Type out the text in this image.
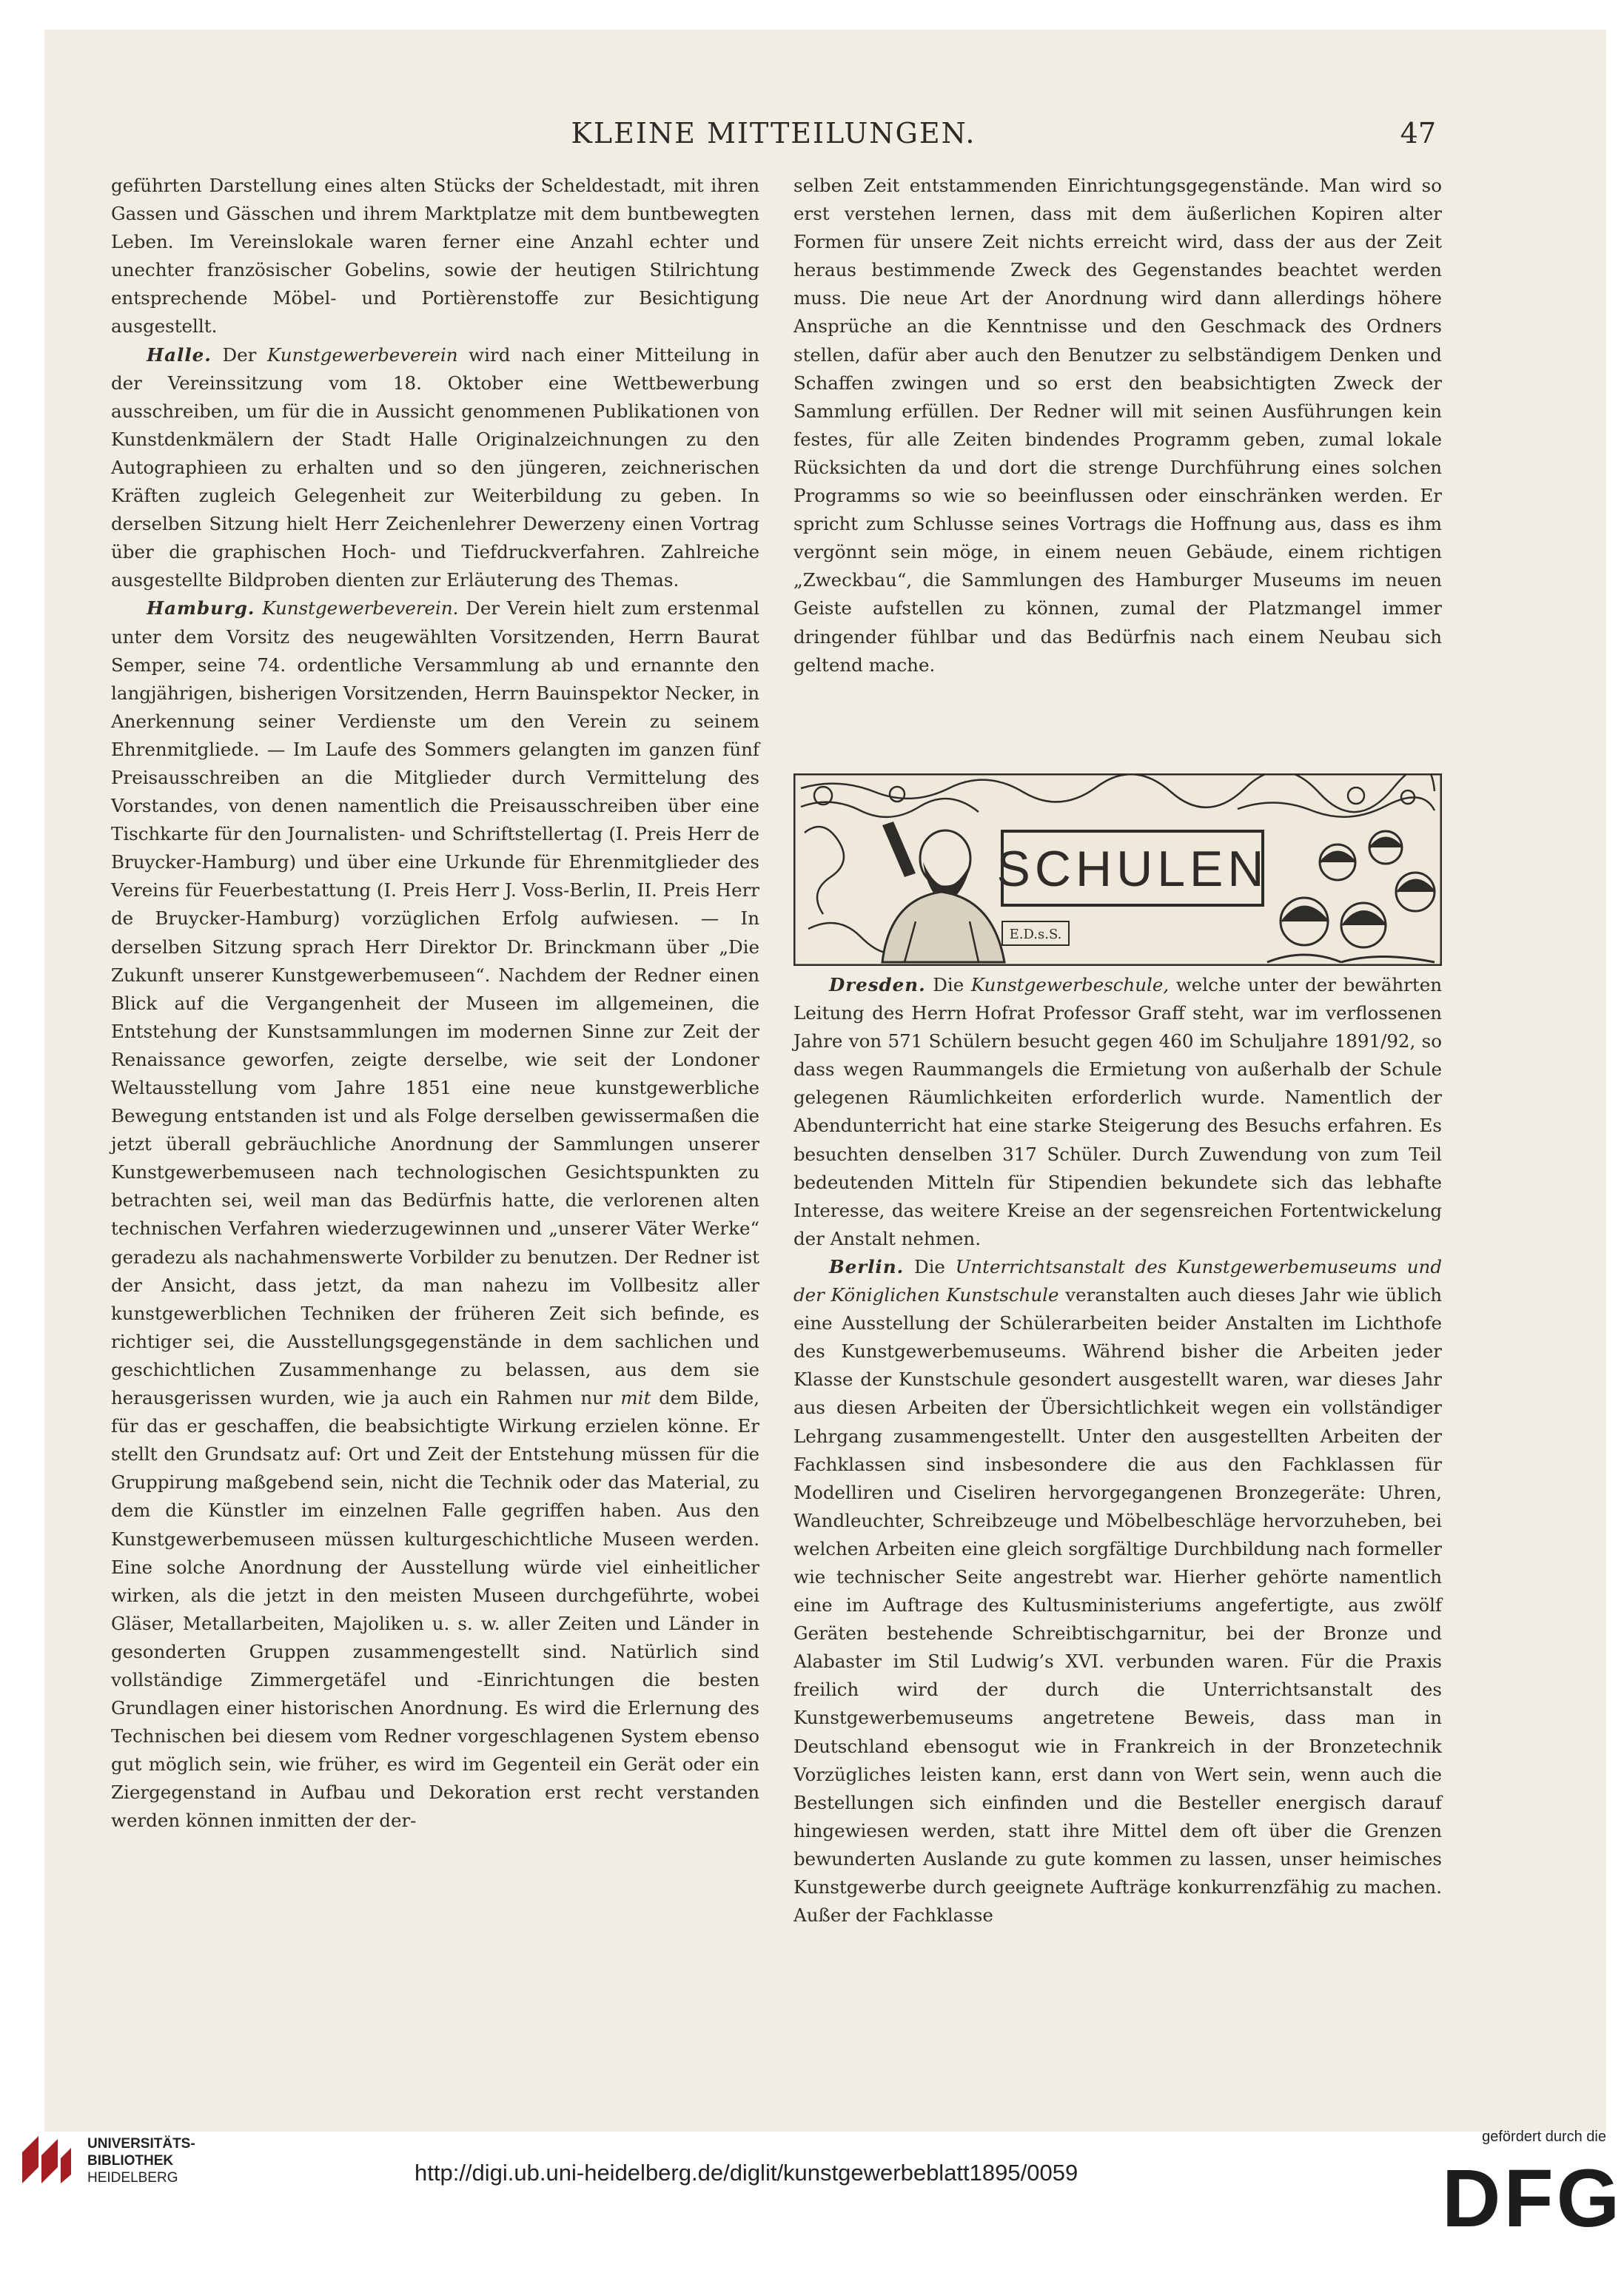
KLEINE MITTEILUNGEN.	47

geführten Darstellung eines alten Stücks der Scheldestadt, mit ihren Gassen und Gässchen und ihrem Marktplatze mit dem buntbewegten Leben. Im Vereinslokale waren ferner eine Anzahl echter und unechter französischer Gobelins, sowie der heutigen Stilrichtung entsprechende Möbel- und Portièrenstoffe zur Besichtigung ausgestellt.

Halle. Der Kunstgewerbeverein wird nach einer Mitteilung in der Vereinssitzung vom 18. Oktober eine Wettbewerbung ausschreiben, um für die in Aussicht genommenen Publikationen von Kunstdenkmälern der Stadt Halle Originalzeichnungen zu den Autographieen zu erhalten und so den jüngeren, zeichnerischen Kräften zugleich Gelegenheit zur Weiterbildung zu geben. In derselben Sitzung hielt Herr Zeichenlehrer Dewerzeny einen Vortrag über die graphischen Hoch- und Tiefdruckverfahren. Zahlreiche ausgestellte Bildproben dienten zur Erläuterung des Themas.

Hamburg. Kunstgewerbeverein. Der Verein hielt zum erstenmal unter dem Vorsitz des neugewählten Vorsitzenden, Herrn Baurat Semper, seine 74. ordentliche Versammlung ab und ernannte den langjährigen, bisherigen Vorsitzenden, Herrn Bauinspektor Necker, in Anerkennung seiner Verdienste um den Verein zu seinem Ehrenmitgliede. — Im Laufe des Sommers gelangten im ganzen fünf Preisausschreiben an die Mitglieder durch Vermittelung des Vorstandes, von denen namentlich die Preisausschreiben über eine Tischkarte für den Journalisten- und Schriftstellertag (I. Preis Herr de Bruycker-Hamburg) und über eine Urkunde für Ehrenmitglieder des Vereins für Feuerbestattung (I. Preis Herr J. Voss-Berlin, II. Preis Herr de Bruycker-Hamburg) vorzüglichen Erfolg aufwiesen. — In derselben Sitzung sprach Herr Direktor Dr. Brinckmann über „Die Zukunft unserer Kunstgewerbemuseen“. Nachdem der Redner einen Blick auf die Vergangenheit der Museen im allgemeinen, die Entstehung der Kunstsammlungen im modernen Sinne zur Zeit der Renaissance geworfen, zeigte derselbe, wie seit der Londoner Weltausstellung vom Jahre 1851 eine neue kunstgewerbliche Bewegung entstanden ist und als Folge derselben gewissermaßen die jetzt überall gebräuchliche Anordnung der Sammlungen unserer Kunstgewerbemuseen nach technologischen Gesichtspunkten zu betrachten sei, weil man das Bedürfnis hatte, die verlorenen alten technischen Verfahren wiederzugewinnen und „unserer Väter Werke“ geradezu als nachahmenswerte Vorbilder zu benutzen. Der Redner ist der Ansicht, dass jetzt, da man nahezu im Vollbesitz aller kunstgewerblichen Techniken der früheren Zeit sich befinde, es richtiger sei, die Ausstellungsgegenstände in dem sachlichen und geschichtlichen Zusammenhange zu belassen, aus dem sie herausgerissen wurden, wie ja auch ein Rahmen nur mit dem Bilde, für das er geschaffen, die beabsichtigte Wirkung erzielen könne. Er stellt den Grundsatz auf: Ort und Zeit der Entstehung müssen für die Gruppirung maßgebend sein, nicht die Technik oder das Material, zu dem die Künstler im einzelnen Falle gegriffen haben. Aus den Kunstgewerbemuseen müssen kulturgeschichtliche Museen werden. Eine solche Anordnung der Ausstellung würde viel einheitlicher wirken, als die jetzt in den meisten Museen durchgeführte, wobei Gläser, Metallarbeiten, Majoliken u. s. w. aller Zeiten und Länder in gesonderten Gruppen zusammengestellt sind. Natürlich sind vollständige Zimmergetäfel und -Einrichtungen die besten Grundlagen einer historischen Anordnung. Es wird die Erlernung des Technischen bei diesem vom Redner vorgeschlagenen System ebenso gut möglich sein, wie früher, es wird im Gegenteil ein Gerät oder ein Ziergegenstand in Aufbau und Dekoration erst recht verstanden werden können inmitten der der-

selben Zeit entstammenden Einrichtungsgegenstände. Man wird so erst verstehen lernen, dass mit dem äußerlichen Kopiren alter Formen für unsere Zeit nichts erreicht wird, dass der aus der Zeit heraus bestimmende Zweck des Gegenstandes beachtet werden muss. Die neue Art der Anordnung wird dann allerdings höhere Ansprüche an die Kenntnisse und den Geschmack des Ordners stellen, dafür aber auch den Benutzer zu selbständigem Denken und Schaffen zwingen und so erst den beabsichtigten Zweck der Sammlung erfüllen. Der Redner will mit seinen Ausführungen kein festes, für alle Zeiten bindendes Programm geben, zumal lokale Rücksichten da und dort die strenge Durchführung eines solchen Programms so wie so beeinflussen oder einschränken werden. Er spricht zum Schlusse seines Vortrags die Hoffnung aus, dass es ihm vergönnt sein möge, in einem neuen Gebäude, einem richtigen „Zweckbau“, die Sammlungen des Hamburger Museums im neuen Geiste aufstellen zu können, zumal der Platzmangel immer dringender fühlbar und das Bedürfnis nach einem Neubau sich geltend mache.

SCHULEN
E.D.s.S.

Dresden. Die Kunstgewerbeschule, welche unter der bewährten Leitung des Herrn Hofrat Professor Graff steht, war im verflossenen Jahre von 571 Schülern besucht gegen 460 im Schuljahre 1891/92, so dass wegen Raummangels die Ermietung von außerhalb der Schule gelegenen Räumlichkeiten erforderlich wurde. Namentlich der Abendunterricht hat eine starke Steigerung des Besuchs erfahren. Es besuchten denselben 317 Schüler. Durch Zuwendung von zum Teil bedeutenden Mitteln für Stipendien bekundete sich das lebhafte Interesse, das weitere Kreise an der segensreichen Fortentwickelung der Anstalt nehmen.

Berlin. Die Unterrichtsanstalt des Kunstgewerbemuseums und der Königlichen Kunstschule veranstalten auch dieses Jahr wie üblich eine Ausstellung der Schülerarbeiten beider Anstalten im Lichthofe des Kunstgewerbemuseums. Während bisher die Arbeiten jeder Klasse der Kunstschule gesondert ausgestellt waren, war dieses Jahr aus diesen Arbeiten der Übersichtlichkeit wegen ein vollständiger Lehrgang zusammengestellt. Unter den ausgestellten Arbeiten der Fachklassen sind insbesondere die aus den Fachklassen für Modelliren und Ciseliren hervorgegangenen Bronzegeräte: Uhren, Wandleuchter, Schreibzeuge und Möbelbeschläge hervorzuheben, bei welchen Arbeiten eine gleich sorgfältige Durchbildung nach formeller wie technischer Seite angestrebt war. Hierher gehörte namentlich eine im Auftrage des Kultusministeriums angefertigte, aus zwölf Geräten bestehende Schreibtischgarnitur, bei der Bronze und Alabaster im Stil Ludwig’s XVI. verbunden waren. Für die Praxis freilich wird der durch die Unterrichtsanstalt des Kunstgewerbemuseums angetretene Beweis, dass man in Deutschland ebensogut wie in Frankreich in der Bronzetechnik Vorzügliches leisten kann, erst dann von Wert sein, wenn auch die Bestellungen sich einfinden und die Besteller energisch darauf hingewiesen werden, statt ihre Mittel dem oft über die Grenzen bewunderten Auslande zu gute kommen zu lassen, unser heimisches Kunstgewerbe durch geeignete Aufträge konkurrenzfähig zu machen. Außer der Fachklasse

UNIVERSITÄTS-
BIBLIOTHEK
HEIDELBERG	http://digi.ub.uni-heidelberg.de/diglit/kunstgewerbeblatt1895/0059
gefördert durch die
DFG
